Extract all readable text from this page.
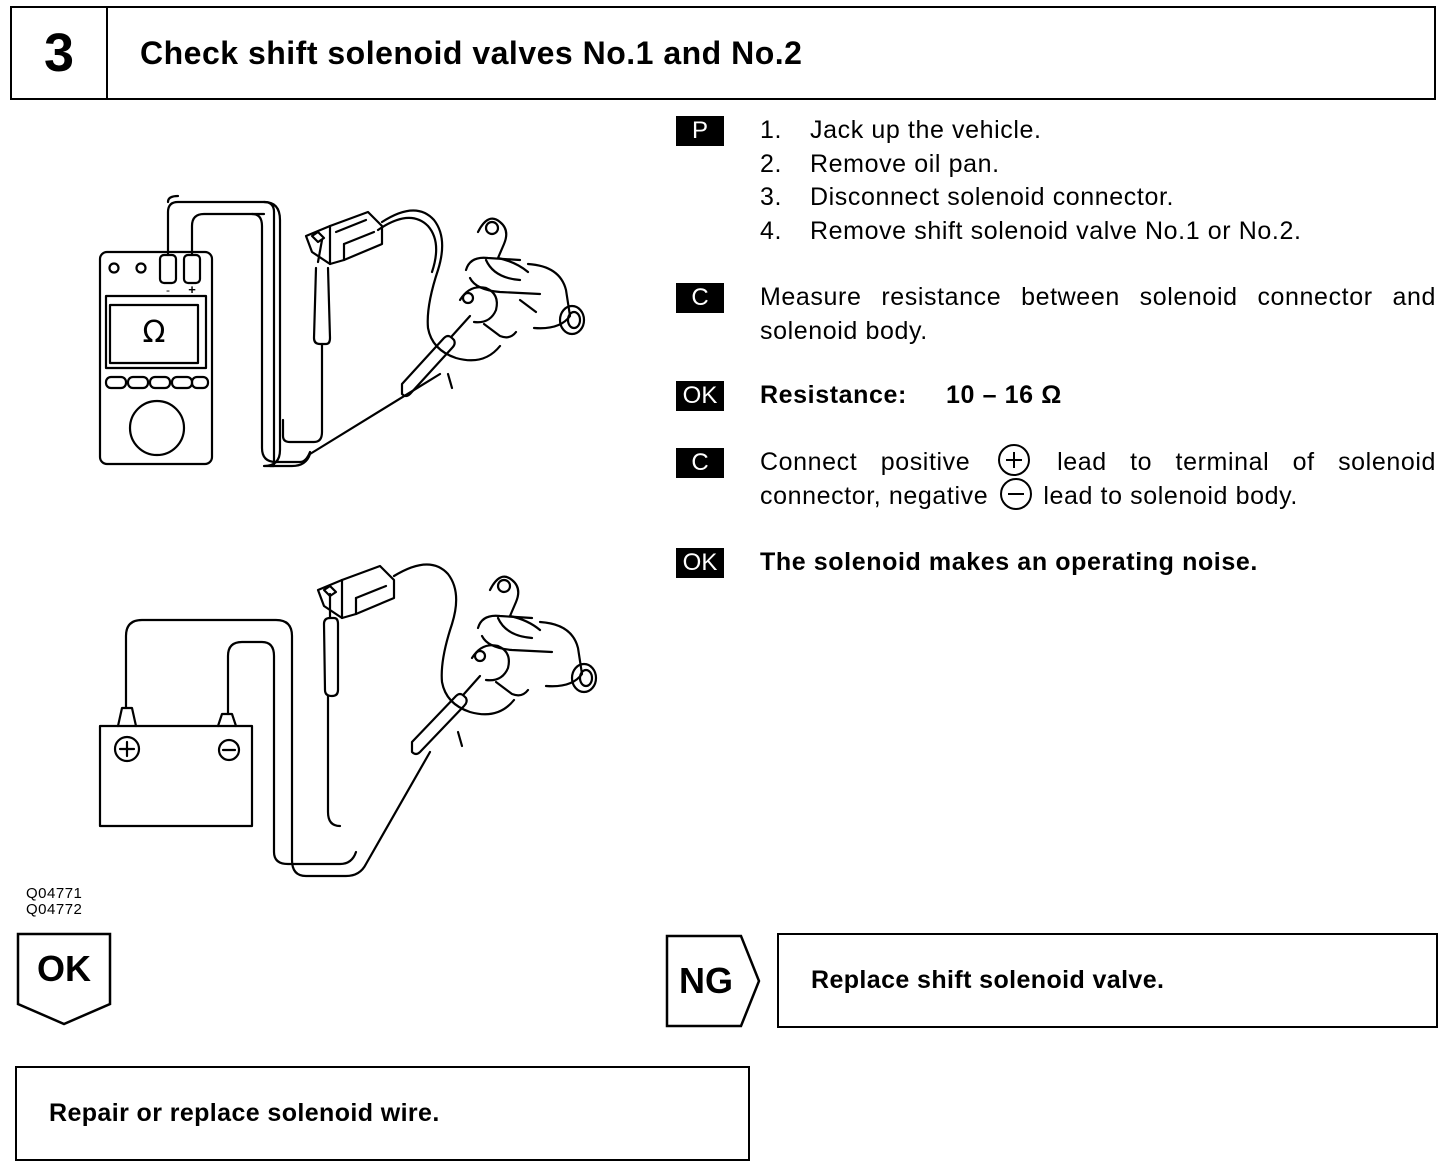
3	Check shift solenoid valves No.1 and No.2
Ω
- +
P	1.	Jack up the vehicle.
2.	Remove oil pan.
3.	Disconnect solenoid connector.
4.	Remove shift solenoid valve No.1 or No.2.
C	Measure resistance between solenoid connector and solenoid body.
OK Resistance: 10 – 16 Ω
C	Connect positive	lead to terminal of solenoid connector, negative lead to solenoid body.
OK The solenoid makes an operating noise.
Q04771
Q04772
OK	NG	Replace shift solenoid valve.
Repair or replace solenoid wire.
